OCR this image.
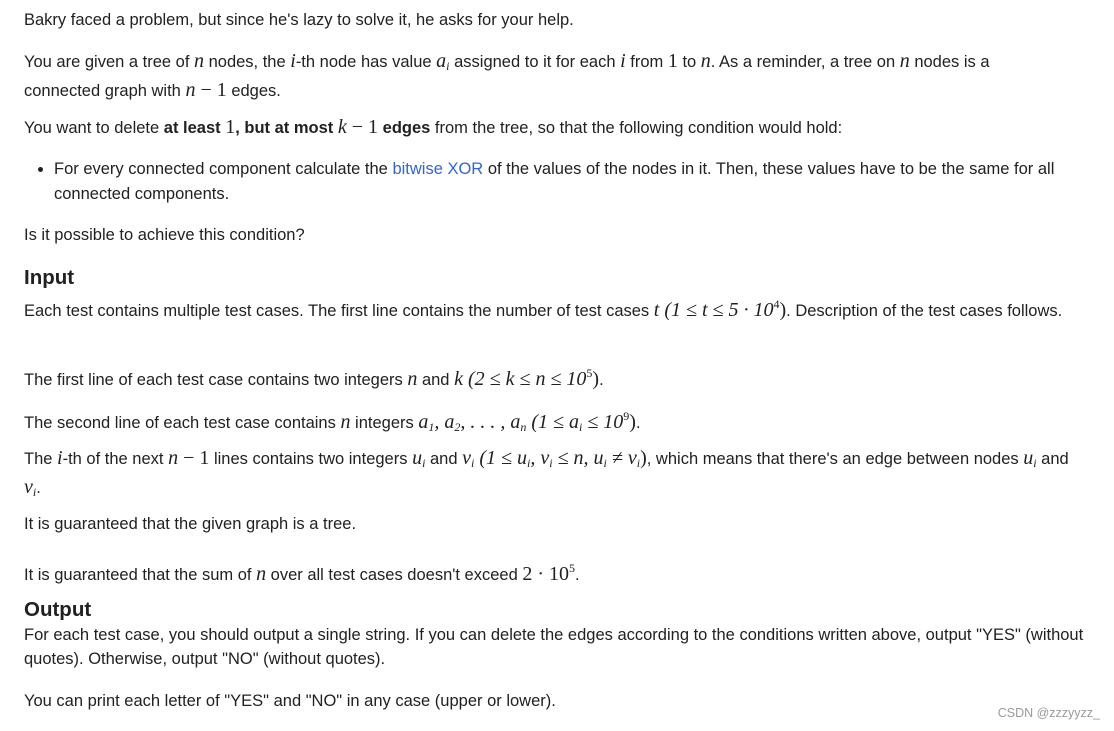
Bakry faced a problem, but since he's lazy to solve it, he asks for your help.

You are given a tree of n nodes, the i-th node has value $a_i$ assigned to it for each i from 1 to n. As a reminder, a tree on n nodes is a connected graph with n − 1 edges.

You want to delete at least 1, but at most k − 1 edges from the tree, so that the following condition would hold:

• For every connected component calculate the bitwise XOR of the values of the nodes in it. Then, these values have to be the same for all connected components.

Is it possible to achieve this condition?

Input

Each test contains multiple test cases. The first line contains the number of test cases t $(1 \le t \le 5 \cdot 10^4)$. Description of the test cases follows.

The first line of each test case contains two integers n and k $(2 \le k \le n \le 10^5)$.

The second line of each test case contains n integers $a_1$, $a_2$, . . . , $a_n$ $(1 \le a_i \le 10^9)$.

The i-th of the next n − 1 lines contains two integers $u_i$ and $v_i$ ($1 \le u_i$, $v_i \le n$, $u_i \ne v_i$), which means that there's an edge between nodes $u_i$ and $v_i$.

It is guaranteed that the given graph is a tree.

It is guaranteed that the sum of n over all test cases doesn't exceed $2 \cdot 10^5$.

Output

For each test case, you should output a single string. If you can delete the edges according to the conditions written above, output "YES" (without quotes). Otherwise, output "NO" (without quotes).

You can print each letter of "YES" and "NO" in any case (upper or lower).

CSDN @zzzyyzz_
